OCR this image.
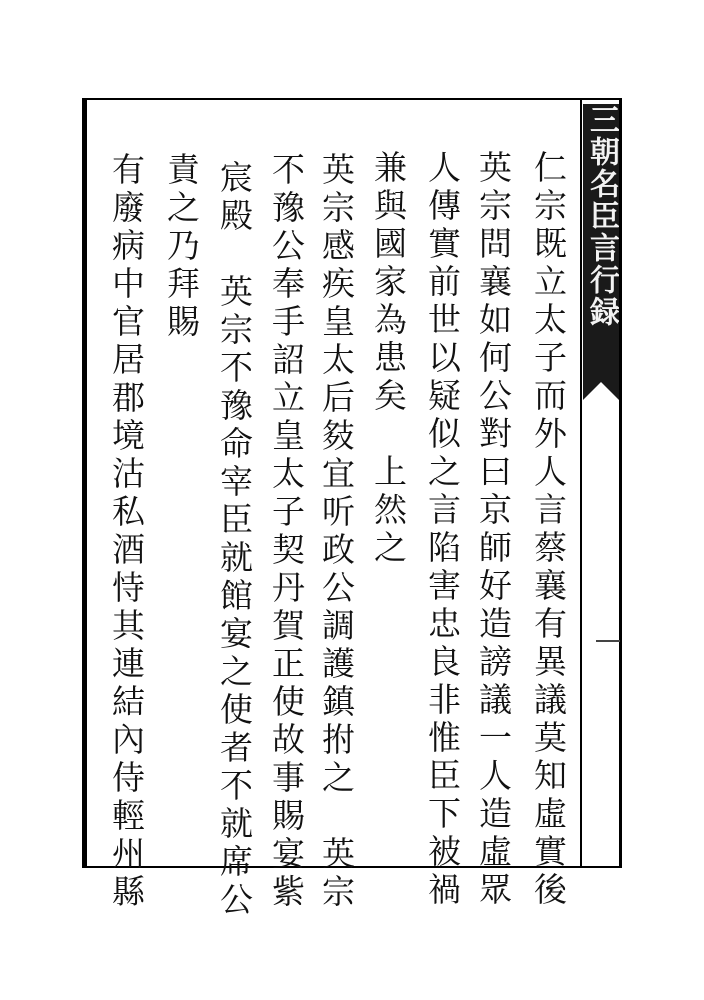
三朝名臣言行録
仁宗既立太子而外人言蔡襄有異議莫知虛實後
英宗問襄如何公對曰京師好造謗議一人造虛眾
人傳實前世以疑似之言陷害忠良非惟臣下被禍
兼與國家為患矣　上然之
英宗感疾皇太后㩼宜听政公調護鎮拊之　英宗
不豫公奉手詔立皇太子契丹賀正使故事賜宴紫
宸殿　英宗不豫命宰臣就館宴之使者不就席公
責之乃拜賜
有廢病中官居郡境沽私酒恃其連結內侍輕州縣
